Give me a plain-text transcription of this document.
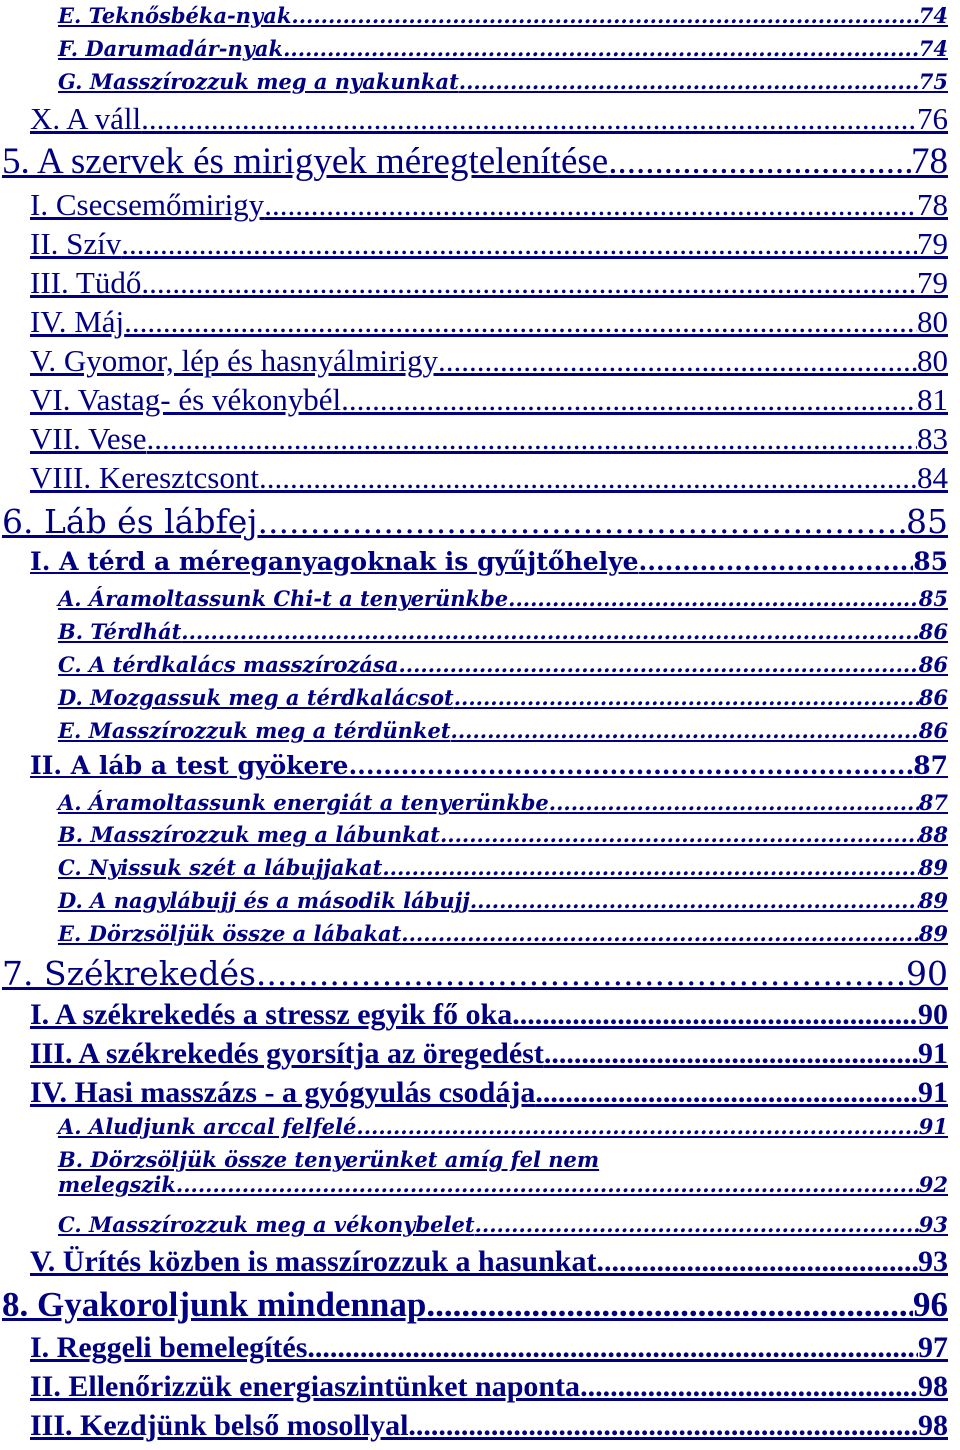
E. Teknősbéka-nyak .....	74
F. Darumadár-nyak .....	74
G. Masszírozzuk meg a nyakunkat .....	75
X. A váll .....	76
5. A szervek és mirigyek méregtelenítése .....	78
I. Csecsemőmirigy .....	78
II. Szív .....	79
III. Tüdő .....	79
IV. Máj .....	80
V. Gyomor, lép és hasnyálmirigy .....	80
VI. Vastag- és vékonybél .....	81
VII. Vese .....	83
VIII. Keresztcsont .....	84
6. Láb és lábfej .....	85
I. A térd a méreganyagoknak is gyűjtőhelye .....	85
A. Áramoltassunk Chi-t a tenyerünkbe .....	85
B. Térdhát .....	86
C. A térdkalács masszírozása .....	86
D. Mozgassuk meg a térdkalácsot .....	86
E. Masszírozzuk meg a térdünket .....	86
II. A láb a test gyökere .....	87
A. Áramoltassunk energiát a tenyerünkbe .....	87
B. Masszírozzuk meg a lábunkat .....	88
C. Nyissuk szét a lábujjakat .....	89
D. A nagylábujj és a második lábujj .....	89
E. Dörzsöljük össze a lábakat .....	89
7. Székrekedés .....	90
I. A székrekedés a stressz egyik fő oka .....	90
III. A székrekedés gyorsítja az öregedést .....	91
IV. Hasi masszázs - a gyógyulás csodája .....	91
A. Aludjunk arccal felfelé .....	91
B. Dörzsöljük össze tenyerünket amíg fel nem
melegszik .....	92
C. Masszírozzuk meg a vékonybelet .....	93
V. Ürítés közben is masszírozzuk a hasunkat .....	93
8. Gyakoroljunk mindennap .....	96
I. Reggeli bemelegítés .....	97
II. Ellenőrizzük energiaszintünket naponta .....	98
III. Kezdjünk belső mosollyal .....	98
